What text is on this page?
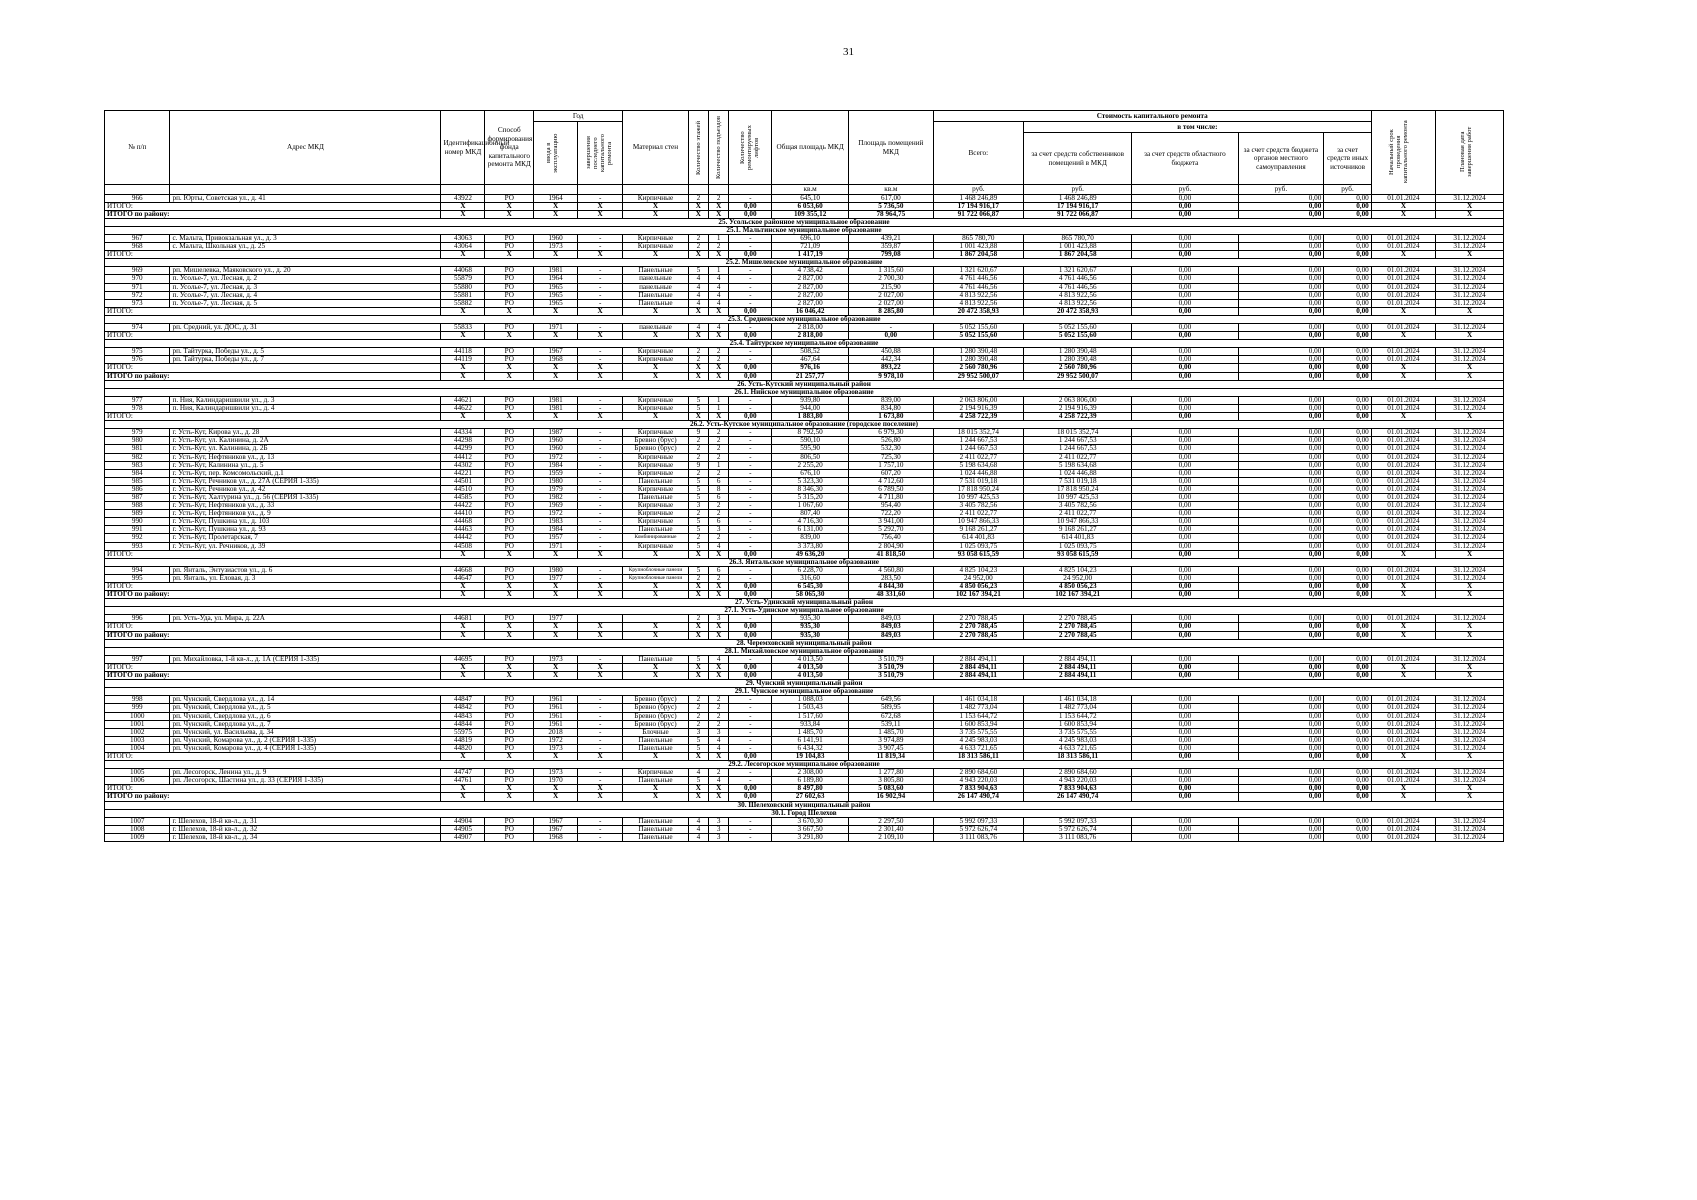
31
№ п/п	Адрес МКД	Идентификационный номер МКД	Способ формирования фонда капитального ремонта МКД	Год		Материал стен	Количество этажей	Количество подъездов	Количество ремонтируемых лифтов	Общая площадь МКД	Площадь помещений МКД	Стоимость капитального ремонта					Начальный срок проведения капитального ремонта	Плановая дата завершения работ

				ввода в эксплуатацию	завершения последнего капитального ремонта							Всего:	в том числе:					
													за счет средств собственников помещений в МКД	за счет средств областного бюджета	за счет средств бюджета органов местного самоуправления	за счет средств иных источников		
										кв.м	кв.м	руб.	руб.	руб.	руб.	руб.		
966	рп. Юрты, Советская ул., д. 41	43922	РО	1964	-	Кирпичные	2	2	-	645,10	617,00	1 468 246,89	1 468 246,89	0,00	0,00	0,00	01.01.2024	31.12.2024
ИТОГО:		X	X	X	X	X	X	X	0,00	6 053,60	5 736,50	17 194 916,17	17 194 916,17	0,00	0,00	0,00	X	X
ИТОГО по району:		X	X	X	X	X	X	X	0,00	109 355,12	78 964,75	91 722 066,87	91 722 066,87	0,00	0,00	0,00	X	X
25. Усольское районное муниципальное образование																		
25.1. Мальтинское муниципальное образование																		
967	с. Мальта, Привокзальная ул., д. 3	43063	РО	1960	-	Кирпичные	2	1	-	696,10	439,21	865 780,70	865 780,70	0,00	0,00	0,00	01.01.2024	31.12.2024
968	с. Мальта, Школьная ул., д. 25	43064	РО	1973	-	Кирпичные	2	2	-	721,09	359,87	1 001 423,88	1 001 423,88	0,00	0,00	0,00	01.01.2024	31.12.2024
ИТОГО:		X	X	X	X	X	X	X	0,00	1 417,19	799,08	1 867 204,58	1 867 204,58	0,00	0,00	0,00	X	X
25.2. Мишелевское муниципальное образование																		
969	рп. Мишелевка, Маяковского ул., д. 20	44068	РО	1981	-	Панельные	5	1	-	4 738,42	1 315,60	1 321 620,67	1 321 620,67	0,00	0,00	0,00	01.01.2024	31.12.2024
970	п. Усолье-7, ул. Лесная, д. 2	55879	РО	1964	-	панельные	4	4	-	2 827,00	2 700,30	4 761 446,56	4 761 446,56	0,00	0,00	0,00	01.01.2024	31.12.2024
971	п. Усолье-7, ул. Лесная, д. 3	55880	РО	1965	-	панельные	4	4	-	2 827,00	215,90	4 761 446,56	4 761 446,56	0,00	0,00	0,00	01.01.2024	31.12.2024
972	п. Усолье-7, ул. Лесная, д. 4	55881	РО	1965	-	Панельные	4	4	-	2 827,00	2 027,00	4 813 922,56	4 813 922,56	0,00	0,00	0,00	01.01.2024	31.12.2024
973	п. Усолье-7, ул. Лесная, д. 5	55882	РО	1965	-	Панельные	4	4	-	2 827,00	2 027,00	4 813 922,56	4 813 922,56	0,00	0,00	0,00	01.01.2024	31.12.2024
ИТОГО:		X	X	X	X	X	X	X	0,00	16 046,42	8 285,80	20 472 358,93	20 472 358,93	0,00	0,00	0,00	X	X
25.3. Средненское муниципальное образование																		
974	рп. Средний, ул. ДОС, д. 31	55833	РО	1971	-	панельные	4	4	-	2 818,00	-	5 052 155,60	5 052 155,60	0,00	0,00	0,00	01.01.2024	31.12.2024
ИТОГО:		X	X	X	X	X	X	X	0,00	2 818,00	0,00	5 052 155,60	5 052 155,60	0,00	0,00	0,00	X	X
25.4. Тайтурское муниципальное образование																		
975	рп. Тайтурка, Победы ул., д. 5	44118	РО	1967	-	Кирпичные	2	2	-	508,52	450,88	1 280 390,48	1 280 390,48	0,00	0,00	0,00	01.01.2024	31.12.2024
976	рп. Тайтурка, Победы ул., д. 7	44119	РО	1968	-	Кирпичные	2	2	-	467,64	442,34	1 280 390,48	1 280 390,48	0,00	0,00	0,00	01.01.2024	31.12.2024
ИТОГО:		X	X	X	X	X	X	X	0,00	976,16	893,22	2 560 780,96	2 560 780,96	0,00	0,00	0,00	X	X
ИТОГО по району:		X	X	X	X	X	X	X	0,00	21 257,77	9 978,10	29 952 500,07	29 952 500,07	0,00	0,00	0,00	X	X
26. Усть-Кутский муниципальный район																		
26.1. Нийское муниципальное образование																		
977	п. Ния, Калиндаришвили ул., д. 3	44621	РО	1981	-	Кирпичные	5	1	-	939,80	839,00	2 063 806,00	2 063 806,00	0,00	0,00	0,00	01.01.2024	31.12.2024
978	п. Ния, Калиндаришвили ул., д. 4	44622	РО	1981	-	Кирпичные	5	1	-	944,00	834,80	2 194 916,39	2 194 916,39	0,00	0,00	0,00	01.01.2024	31.12.2024
ИТОГО:		X	X	X	X	X	X	X	0,00	1 883,80	1 673,80	4 258 722,39	4 258 722,39	0,00	0,00	0,00	X	X
26.2. Усть-Кутское муниципальное образование (городское поселение)																		
979	г. Усть-Кут, Кирова ул., д. 28	44334	РО	1987	-	Кирпичные	9	2	-	8 792,50	6 979,30	18 015 352,74	18 015 352,74	0,00	0,00	0,00	01.01.2024	31.12.2024
980	г. Усть-Кут, ул. Калинина, д. 2А	44298	РО	1960	-	Бревно (брус)	2	2	-	590,10	526,80	1 244 667,53	1 244 667,53	0,00	0,00	0,00	01.01.2024	31.12.2024
981	г. Усть-Кут, ул. Калинина, д. 2Б	44299	РО	1960	-	Бревно (брус)	2	2	-	595,90	532,30	1 244 667,53	1 244 667,53	0,00	0,00	0,00	01.01.2024	31.12.2024
982	г. Усть-Кут, Нефтяников ул., д. 13	44412	РО	1972	-	Кирпичные	2	2	-	806,50	725,30	2 411 022,77	2 411 022,77	0,00	0,00	0,00	01.01.2024	31.12.2024
983	г. Усть-Кут, Калинина ул., д. 5	44302	РО	1984	-	Кирпичные	9	1	-	2 255,20	1 757,10	5 198 634,68	5 198 634,68	0,00	0,00	0,00	01.01.2024	31.12.2024
984	г. Усть-Кут, пер. Комсомольский, д.1	44221	РО	1959	-	Кирпичные	2	2	-	676,10	607,20	1 024 446,88	1 024 446,88	0,00	0,00	0,00	01.01.2024	31.12.2024
985	г. Усть-Кут, Речников ул., д. 27А (СЕРИЯ 1-335)	44501	РО	1980	-	Панельные	5	6	-	5 323,30	4 712,60	7 531 019,18	7 531 019,18	0,00	0,00	0,00	01.01.2024	31.12.2024
986	г. Усть-Кут, Речников ул., д. 42	44510	РО	1979	-	Кирпичные	5	8	-	8 346,30	6 789,50	17 818 950,24	17 818 950,24	0,00	0,00	0,00	01.01.2024	31.12.2024
987	г. Усть-Кут, Халтурина ул., д. 56 (СЕРИЯ 1-335)	44585	РО	1982	-	Панельные	5	6	-	5 315,20	4 711,80	10 997 425,53	10 997 425,53	0,00	0,00	0,00	01.01.2024	31.12.2024
988	г. Усть-Кут, Нефтяников ул., д. 33	44422	РО	1969	-	Кирпичные	3	2	-	1 067,60	954,40	3 405 782,56	3 405 782,56	0,00	0,00	0,00	01.01.2024	31.12.2024
989	г. Усть-Кут, Нефтяников ул., д. 9	44410	РО	1972	-	Кирпичные	2	2	-	807,40	722,20	2 411 022,77	2 411 022,77	0,00	0,00	0,00	01.01.2024	31.12.2024
990	г. Усть-Кут, Пушкина ул., д. 103	44468	РО	1983	-	Кирпичные	5	6	-	4 716,30	3 941,00	10 947 866,33	10 947 866,33	0,00	0,00	0,00	01.01.2024	31.12.2024
991	г. Усть-Кут, Пушкина ул., д. 93	44463	РО	1984	-	Панельные	5	3	-	6 131,00	5 292,70	9 168 261,27	9 168 261,27	0,00	0,00	0,00	01.01.2024	31.12.2024
992	г. Усть-Кут, Пролетарская, 7	44442	РО	1957	-	Комбинированные	2	2	-	839,00	756,40	614 401,83	614 401,83	0,00	0,00	0,00	01.01.2024	31.12.2024
993	г. Усть-Кут, ул. Речников, д. 39	44508	РО	1971	-	Кирпичные	5	4	-	3 373,80	2 804,90	1 025 093,75	1 025 093,75	0,00	0,00	0,00	01.01.2024	31.12.2024
ИТОГО:		X	X	X	X	X	X	X	0,00	49 636,20	41 818,50	93 058 615,59	93 058 615,59	0,00	0,00	0,00	X	X
26.3. Янтальское муниципальное образование																		
994	рп. Янталь, Энтузиастов ул., д. 6	44668	РО	1980	-	Крупноблочные панели	5	6	-	6 228,70	4 560,80	4 825 104,23	4 825 104,23	0,00	0,00	0,00	01.01.2024	31.12.2024
995	рп. Янталь, ул. Еловая, д. 3	44647	РО	1977	-	Крупноблочные панели	2	2	-	316,60	283,50	24 952,00	24 952,00	0,00	0,00	0,00	01.01.2024	31.12.2024
ИТОГО:		X	X	X	X	X	X	X	0,00	6 545,30	4 844,30	4 850 056,23	4 850 056,23	0,00	0,00	0,00	X	X
ИТОГО по району:		X	X	X	X	X	X	X	0,00	58 065,30	48 331,60	102 167 394,21	102 167 394,21	0,00	0,00	0,00	X	X
27. Усть-Удинский муниципальный район																		
27.1. Усть-Удинское муниципальное образование																		
996	рп. Усть-Уда, ул. Мира, д. 22А	44681	РО	1977			2	3	-	935,30	849,03	2 270 788,45	2 270 788,45	0,00	0,00	0,00	01.01.2024	31.12.2024
ИТОГО:		X	X	X	X	X	X	X	0,00	935,30	849,03	2 270 788,45	2 270 788,45	0,00	0,00	0,00	X	X
ИТОГО по району:		X	X	X	X	X	X	X	0,00	935,30	849,03	2 270 788,45	2 270 788,45	0,00	0,00	0,00	X	X
28. Черемховский муниципальный район																		
28.1. Михайловское муниципальное образование																		
997	рп. Михайловка, 1-й кв-л., д. 1А (СЕРИЯ 1-335)	44695	РО	1973	-	Панельные	5	4	-	4 013,50	3 510,79	2 884 494,11	2 884 494,11	0,00	0,00	0,00	01.01.2024	31.12.2024
ИТОГО:		X	X	X	X	X	X	X	0,00	4 013,50	3 510,79	2 884 494,11	2 884 494,11	0,00	0,00	0,00	X	X
ИТОГО по району:		X	X	X	X	X	X	X	0,00	4 013,50	3 510,79	2 884 494,11	2 884 494,11	0,00	0,00	0,00	X	X
29. Чунский муниципальный район																		
29.1. Чунское муниципальное образование																		
998	рп. Чунский, Свердлова ул., д. 14	44847	РО	1961	-	Бревно (брус)	2	2	-	1 088,03	649,56	1 461 034,18	1 461 034,18	0,00	0,00	0,00	01.01.2024	31.12.2024
999	рп. Чунский, Свердлова ул., д. 5	44842	РО	1961	-	Бревно (брус)	2	2	-	1 503,43	589,95	1 482 773,04	1 482 773,04	0,00	0,00	0,00	01.01.2024	31.12.2024
1000	рп. Чунский, Свердлова ул., д. 6	44843	РО	1961	-	Бревно (брус)	2	2	-	1 517,60	672,68	1 153 644,72	1 153 644,72	0,00	0,00	0,00	01.01.2024	31.12.2024
1001	рп. Чунский, Свердлова ул., д. 7	44844	РО	1961	-	Бревно (брус)	2	2	-	933,84	539,11	1 600 853,94	1 600 853,94	0,00	0,00	0,00	01.01.2024	31.12.2024
1002	рп. Чунский, ул. Васильева, д. 34	55975	РО	2018	-	Блочные	3	3	-	1 485,70	1 485,70	3 735 575,55	3 735 575,55	0,00	0,00	0,00	01.01.2024	31.12.2024
1003	рп. Чунский, Комарова ул., д. 2 (СЕРИЯ 1-335)	44819	РО	1972	-	Панельные	5	4	-	6 141,91	3 974,89	4 245 983,03	4 245 983,03	0,00	0,00	0,00	01.01.2024	31.12.2024
1004	рп. Чунский, Комарова ул., д. 4 (СЕРИЯ 1-335)	44820	РО	1973	-	Панельные	5	4	-	6 434,32	3 907,45	4 633 721,65	4 633 721,65	0,00	0,00	0,00	01.01.2024	31.12.2024
ИТОГО:		X	X	X	X	X	X	X	0,00	19 104,83	11 819,34	18 313 586,11	18 313 586,11	0,00	0,00	0,00	X	X
29.2. Лесогорское муниципальное образование																		
1005	рп. Лесогорск, Ленина ул., д. 9	44747	РО	1973	-	Кирпичные	4	2	-	2 308,00	1 277,80	2 890 684,60	2 890 684,60	0,00	0,00	0,00	01.01.2024	31.12.2024
1006	рп. Лесогорск, Шастина ул., д. 33 (СЕРИЯ 1-335)	44761	РО	1970	-	Панельные	5	4	-	6 189,80	3 805,80	4 943 220,03	4 943 220,03	0,00	0,00	0,00	01.01.2024	31.12.2024
ИТОГО:		X	X	X	X	X	X	X	0,00	8 497,80	5 083,60	7 833 904,63	7 833 904,63	0,00	0,00	0,00	X	X
ИТОГО по району:		X	X	X	X	X	X	X	0,00	27 602,63	16 902,94	26 147 490,74	26 147 490,74	0,00	0,00	0,00	X	X
30. Шелеховский муниципальный район																		
30.1. Город Шелехов																		
1007	г. Шелехов, 18-й кв-л., д. 31	44904	РО	1967	-	Панельные	4	3	-	3 670,30	2 297,50	5 992 097,33	5 992 097,33	0,00	0,00	0,00	01.01.2024	31.12.2024
1008	г. Шелехов, 18-й кв-л., д. 32	44905	РО	1967	-	Панельные	4	3	-	3 667,50	2 301,40	5 972 626,74	5 972 626,74	0,00	0,00	0,00	01.01.2024	31.12.2024
1009	г. Шелехов, 18-й кв-л., д. 34	44907	РО	1968	-	Панельные	4	3	-	3 291,80	2 109,10	3 111 083,76	3 111 083,76	0,00	0,00	0,00	01.01.2024	31.12.2024
